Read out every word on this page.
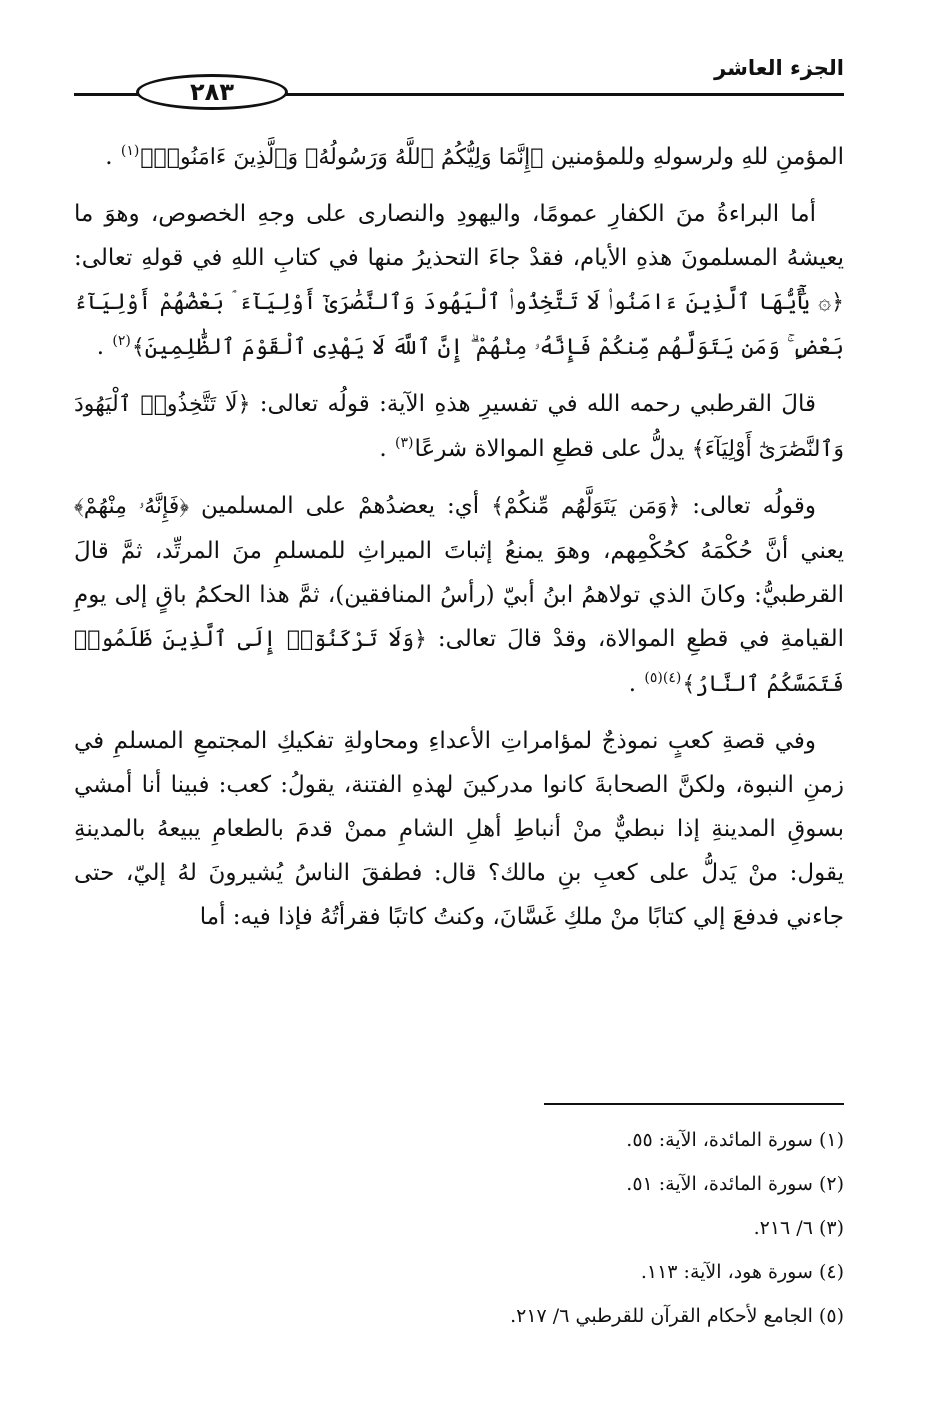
الجزء العاشر
٢٨٣

المؤمنِ للهِ ولرسولهِ وللمؤمنين ﴿إِنَّمَا وَلِيُّكُمُ ٱللَّهُ وَرَسُولُهُۥ وَٱلَّذِينَ ءَامَنُوا۟﴾$^{(١)}$ .

أما البراءةُ منَ الكفارِ عمومًا، واليهودِ والنصارى على وجهِ الخصوص، وهوَ ما يعيشهُ المسلمونَ هذهِ الأيام، فقدْ جاءَ التحذيرُ منها في كتابِ اللهِ في قولهِ تعالى: ﴿۞ يَٰٓأَيُّهَا ٱلَّذِينَ ءَامَنُوا۟ لَا تَتَّخِذُوا۟ ٱلْيَهُودَ وَٱلنَّصَٰرَىٰٓ أَوْلِيَآءَ ۘ بَعْضُهُمْ أَوْلِيَآءُ بَعْضٍ ۚ وَمَن يَتَوَلَّهُم مِّنكُمْ فَإِنَّهُۥ مِنْهُمْ ۗ إِنَّ ٱللَّهَ لَا يَهْدِى ٱلْقَوْمَ ٱلظَّٰلِمِينَ﴾$^{(٢)}$ .

قالَ القرطبي رحمه الله في تفسيرِ هذهِ الآية: قولُه تعالى: ﴿لَا تَتَّخِذُوا۟ ٱلْيَهُودَ وَٱلنَّصَٰرَىٰٓ أَوْلِيَآءَ﴾ يدلُّ على قطعِ الموالاة شرعًا$^{(٣)}$ .

وقولُه تعالى: ﴿وَمَن يَتَوَلَّهُم مِّنكُمْ﴾ أي: يعضدُهمْ على المسلمين ﴿فَإِنَّهُۥ مِنْهُمْ﴾ يعني أنَّ حُكْمَهُ كحُكْمِهم، وهوَ يمنعُ إثباتَ الميراثِ للمسلمِ منَ المرتِّد، ثمَّ قالَ القرطبيُّ: وكانَ الذي تولاهمُ ابنُ أبيّ (رأسُ المنافقين)، ثمَّ هذا الحكمُ باقٍ إلى يومِ القيامةِ في قطعِ الموالاة، وقدْ قالَ تعالى: ﴿وَلَا تَرْكَنُوٓا۟ إِلَى ٱلَّذِينَ ظَلَمُوا۟ فَتَمَسَّكُمُ ٱلنَّارُ﴾$^{(٤)(٥)}$ .

وفي قصةِ كعبٍ نموذجٌ لمؤامراتِ الأعداءِ ومحاولةِ تفكيكِ المجتمعِ المسلمِ في زمنِ النبوة، ولكنَّ الصحابةَ كانوا مدركينَ لهذهِ الفتنة، يقولُ: كعب: فبينا أنا أمشي بسوقِ المدينةِ إذا نبطيٌّ منْ أنباطِ أهلِ الشامِ ممنْ قدمَ بالطعامِ يبيعهُ بالمدينةِ يقول: منْ يَدلُّ على كعبِ بنِ مالك؟ قال: فطفقَ الناسُ يُشيرونَ لهُ إليّ، حتى جاءني فدفعَ إلي كتابًا منْ ملكِ غَسَّانَ، وكنتُ كاتبًا فقرأتُهُ فإذا فيه: أما

(١) سورة المائدة، الآية: ٥٥.
(٢) سورة المائدة، الآية: ٥١.
(٣) ٦/ ٢١٦.
(٤) سورة هود، الآية: ١١٣.
(٥) الجامع لأحكام القرآن للقرطبي ٦/ ٢١٧.
